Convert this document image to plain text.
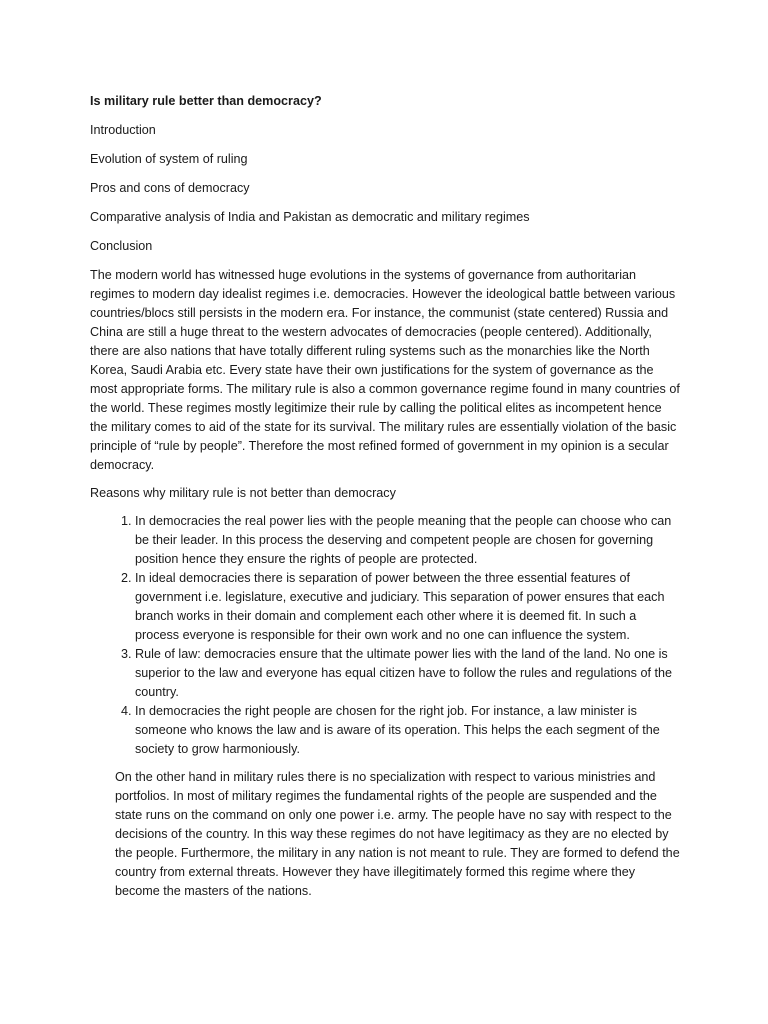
Is military rule better than democracy?

Introduction

Evolution of system of ruling

Pros and cons of democracy

Comparative analysis of India and Pakistan as democratic and military regimes

Conclusion

The modern world has witnessed huge evolutions in the systems of governance from authoritarian regimes to modern day idealist regimes i.e. democracies. However the ideological battle between various countries/blocs still persists in the modern era. For instance, the communist (state centered) Russia and China are still a huge threat to the western advocates of democracies (people centered). Additionally, there are also nations that have totally different ruling systems such as the monarchies like the North Korea, Saudi Arabia etc. Every state have their own justifications for the system of governance as the most appropriate forms. The military rule is also a common governance regime found in many countries of the world. These regimes mostly legitimize their rule by calling the political elites as incompetent hence the military comes to aid of the state for its survival. The military rules are essentially violation of the basic principle of “rule by people”. Therefore the most refined formed of government in my opinion is a secular democracy.

Reasons why military rule is not better than democracy

1. In democracies the real power lies with the people meaning that the people can choose who can be their leader. In this process the deserving and competent people are chosen for governing position hence they ensure the rights of people are protected.
2. In ideal democracies there is separation of power between the three essential features of government i.e. legislature, executive and judiciary. This separation of power ensures that each branch works in their domain and complement each other where it is deemed fit. In such a process everyone is responsible for their own work and no one can influence the system.
3. Rule of law: democracies ensure that the ultimate power lies with the land of the land. No one is superior to the law and everyone has equal citizen have to follow the rules and regulations of the country.
4. In democracies the right people are chosen for the right job. For instance, a law minister is someone who knows the law and is aware of its operation. This helps the each segment of the society to grow harmoniously.

On the other hand in military rules there is no specialization with respect to various ministries and portfolios. In most of military regimes the fundamental rights of the people are suspended and the state runs on the command on only one power i.e. army. The people have no say with respect to the decisions of the country. In this way these regimes do not have legitimacy as they are no elected by the people. Furthermore, the military in any nation is not meant to rule. They are formed to defend the country from external threats. However they have illegitimately formed this regime where they become the masters of the nations.
